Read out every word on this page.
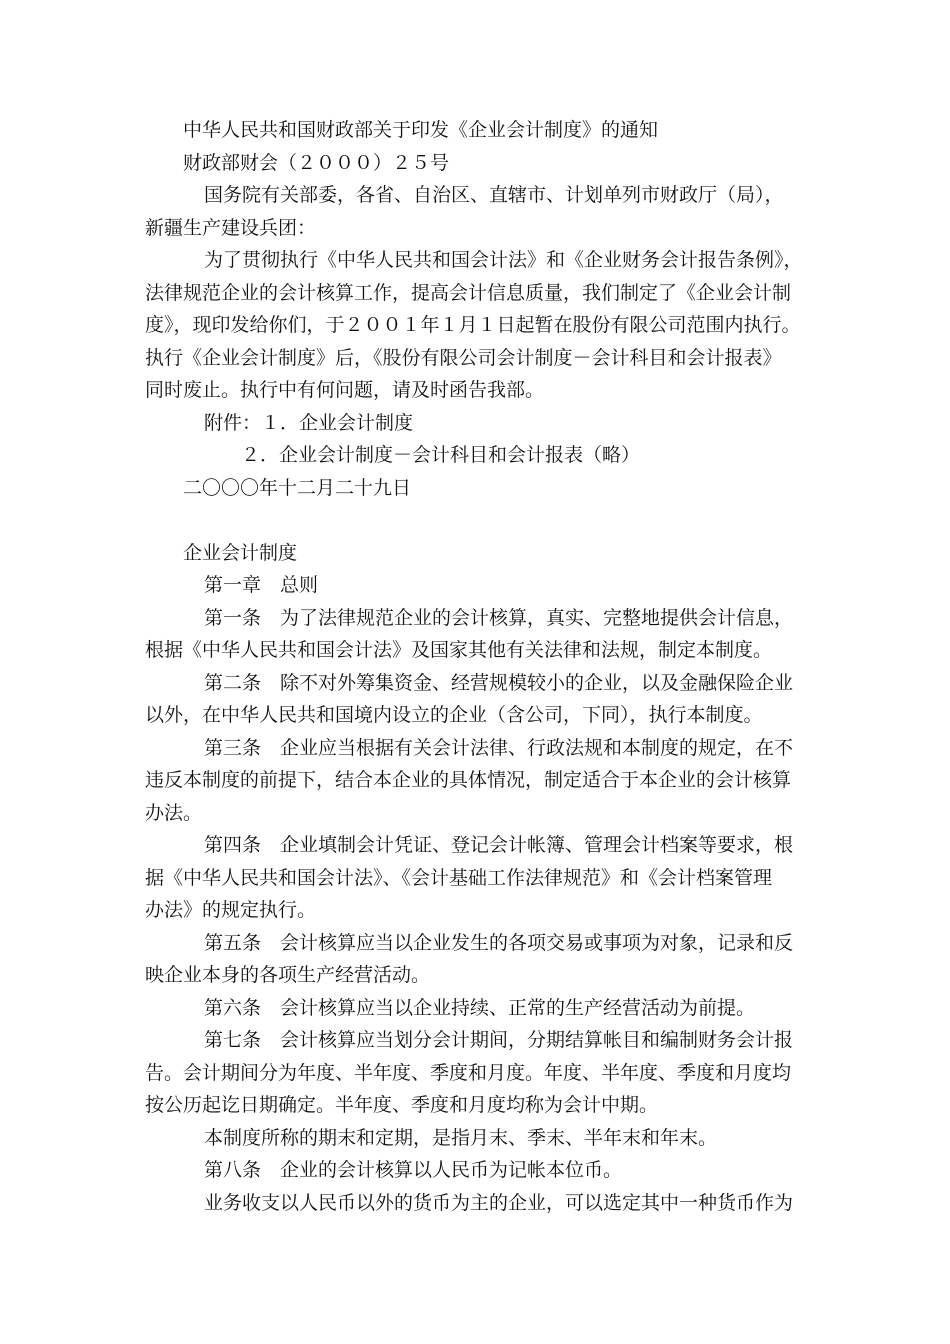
中华人民共和国财政部关于印发《企业会计制度》的通知
财政部财会（２０００）２５号
国务院有关部委，各省、自治区、直辖市、计划单列市财政厅（局），
新疆生产建设兵团：
为了贯彻执行《中华人民共和国会计法》和《企业财务会计报告条例》，
法律规范企业的会计核算工作，提高会计信息质量，我们制定了《企业会计制
度》，现印发给你们，于２００１年１月１日起暂在股份有限公司范围内执行。
执行《企业会计制度》后，《股份有限公司会计制度－会计科目和会计报表》
同时废止。执行中有何问题，请及时函告我部。
附件：１．企业会计制度
２．企业会计制度－会计科目和会计报表（略）
二〇〇〇年十二月二十九日
企业会计制度
第一章　总则
第一条　为了法律规范企业的会计核算，真实、完整地提供会计信息，
根据《中华人民共和国会计法》及国家其他有关法律和法规，制定本制度。
第二条　除不对外筹集资金、经营规模较小的企业，以及金融保险企业
以外，在中华人民共和国境内设立的企业（含公司，下同），执行本制度。
第三条　企业应当根据有关会计法律、行政法规和本制度的规定，在不
违反本制度的前提下，结合本企业的具体情况，制定适合于本企业的会计核算
办法。
第四条　企业填制会计凭证、登记会计帐簿、管理会计档案等要求，根
据《中华人民共和国会计法》、《会计基础工作法律规范》和《会计档案管理
办法》的规定执行。
第五条　会计核算应当以企业发生的各项交易或事项为对象，记录和反
映企业本身的各项生产经营活动。
第六条　会计核算应当以企业持续、正常的生产经营活动为前提。
第七条　会计核算应当划分会计期间，分期结算帐目和编制财务会计报
告。会计期间分为年度、半年度、季度和月度。年度、半年度、季度和月度均
按公历起讫日期确定。半年度、季度和月度均称为会计中期。
本制度所称的期末和定期，是指月末、季末、半年末和年末。
第八条　企业的会计核算以人民币为记帐本位币。
业务收支以人民币以外的货币为主的企业，可以选定其中一种货币作为
